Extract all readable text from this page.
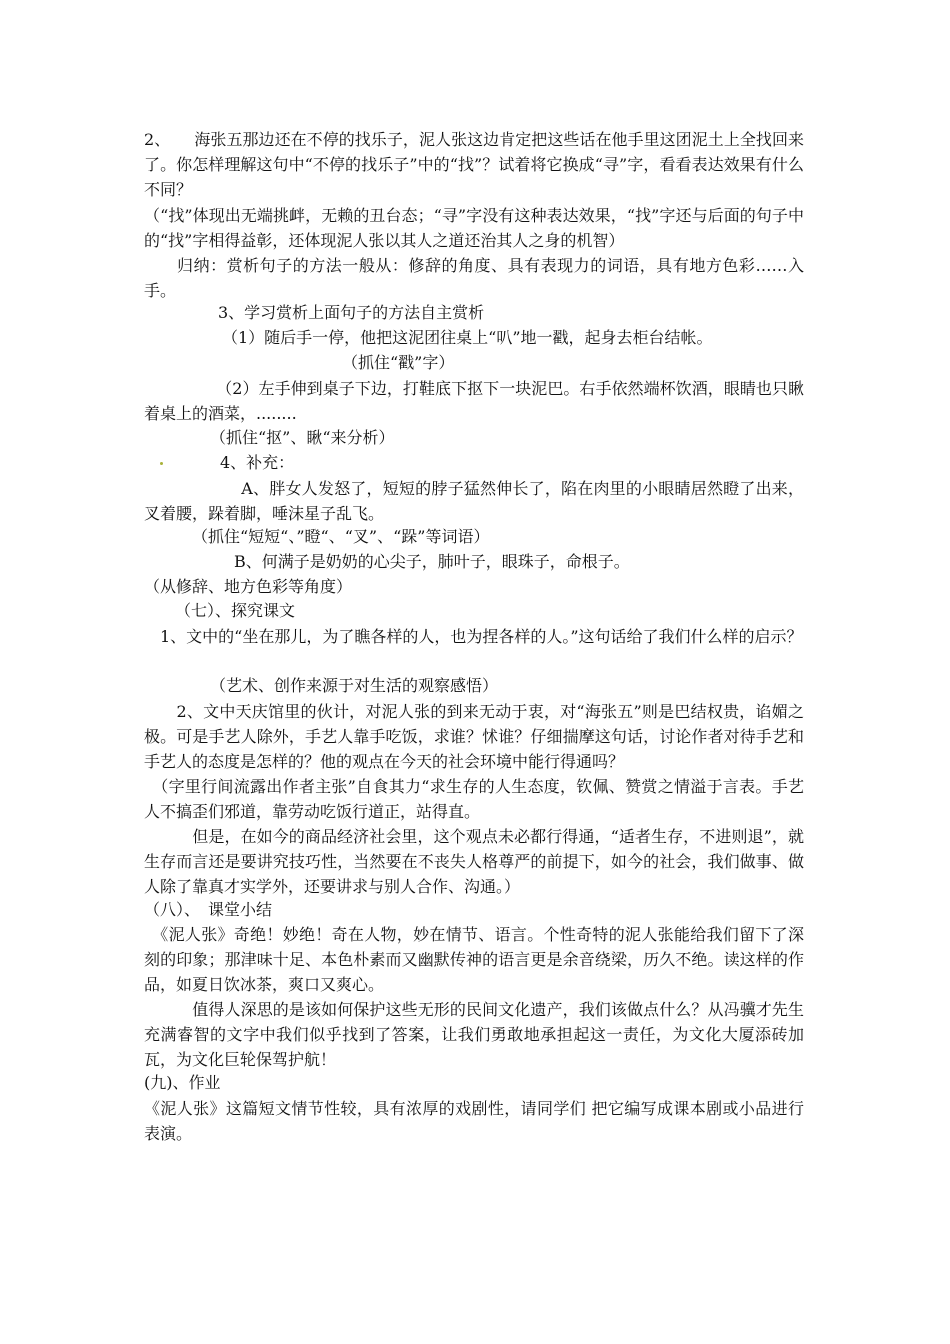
2、　　海张五那边还在不停的找乐子，泥人张这边肯定把这些话在他手里这团泥土上全找回来了。你怎样理解这句中“不停的找乐子”中的“找”？试着将它换成“寻”字，看看表达效果有什么不同？
（“找”体现出无端挑衅，无赖的丑台态；“寻”字没有这种表达效果，“找”字还与后面的句子中的“找”字相得益彰，还体现泥人张以其人之道还治其人之身的机智）
　　归纳：赏析句子的方法一般从：修辞的角度、具有表现力的词语，具有地方色彩……入手。
3、学习赏析上面句子的方法自主赏析
（1）随后手一停，他把这泥团往桌上“叭”地一戳，起身去柜台结帐。
（抓住“戳”字）
　　　　　（2）左手伸到桌子下边，打鞋底下抠下一块泥巴。右手依然端杯饮酒，眼睛也只瞅着桌上的酒菜，........
（抓住“抠”、瞅“来分析）
4、补充：
　　　　　　A、胖女人发怒了，短短的脖子猛然伸长了，陷在肉里的小眼睛居然瞪了出来，叉着腰，跺着脚，唾沫星子乱飞。
（抓住“短短“、”瞪“、“叉”、“跺”等词语）
B、何满子是奶奶的心尖子，肺叶子，眼珠子，命根子。
（从修辞、地方色彩等角度）
（七）、探究课文
　1、文中的“坐在那儿，为了瞧各样的人，也为捏各样的人。”这句话给了我们什么样的启示？
（艺术、创作来源于对生活的观察感悟）
　　2、文中天庆馆里的伙计，对泥人张的到来无动于衷，对“海张五”则是巴结权贵，谄媚之极。可是手艺人除外，手艺人靠手吃饭，求谁？怵谁？仔细揣摩这句话，讨论作者对待手艺和手艺人的态度是怎样的？他的观点在今天的社会环境中能行得通吗？
　（字里行间流露出作者主张”自食其力“求生存的人生态度，钦佩、赞赏之情溢于言表。手艺人不搞歪们邪道，靠劳动吃饭行道正，站得直。
　　　但是，在如今的商品经济社会里，这个观点未必都行得通，“适者生存，不进则退”，就生存而言还是要讲究技巧性，当然要在不丧失人格尊严的前提下，如今的社会，我们做事、做人除了靠真才实学外，还要讲求与别人合作、沟通。）
（八）、　课堂小结
　《泥人张》奇绝！妙绝！奇在人物，妙在情节、语言。个性奇特的泥人张能给我们留下了深刻的印象；那津味十足、本色朴素而又幽默传神的语言更是余音绕梁，历久不绝。读这样的作品，如夏日饮冰茶，爽口又爽心。
　　　值得人深思的是该如何保护这些无形的民间文化遗产，我们该做点什么？从冯骥才先生充满睿智的文字中我们似乎找到了答案，让我们勇敢地承担起这一责任，为文化大厦添砖加瓦，为文化巨轮保驾护航！
(九)、作业
《泥人张》这篇短文情节性较，具有浓厚的戏剧性，请同学们 把它编写成课本剧或小品进行表演。
